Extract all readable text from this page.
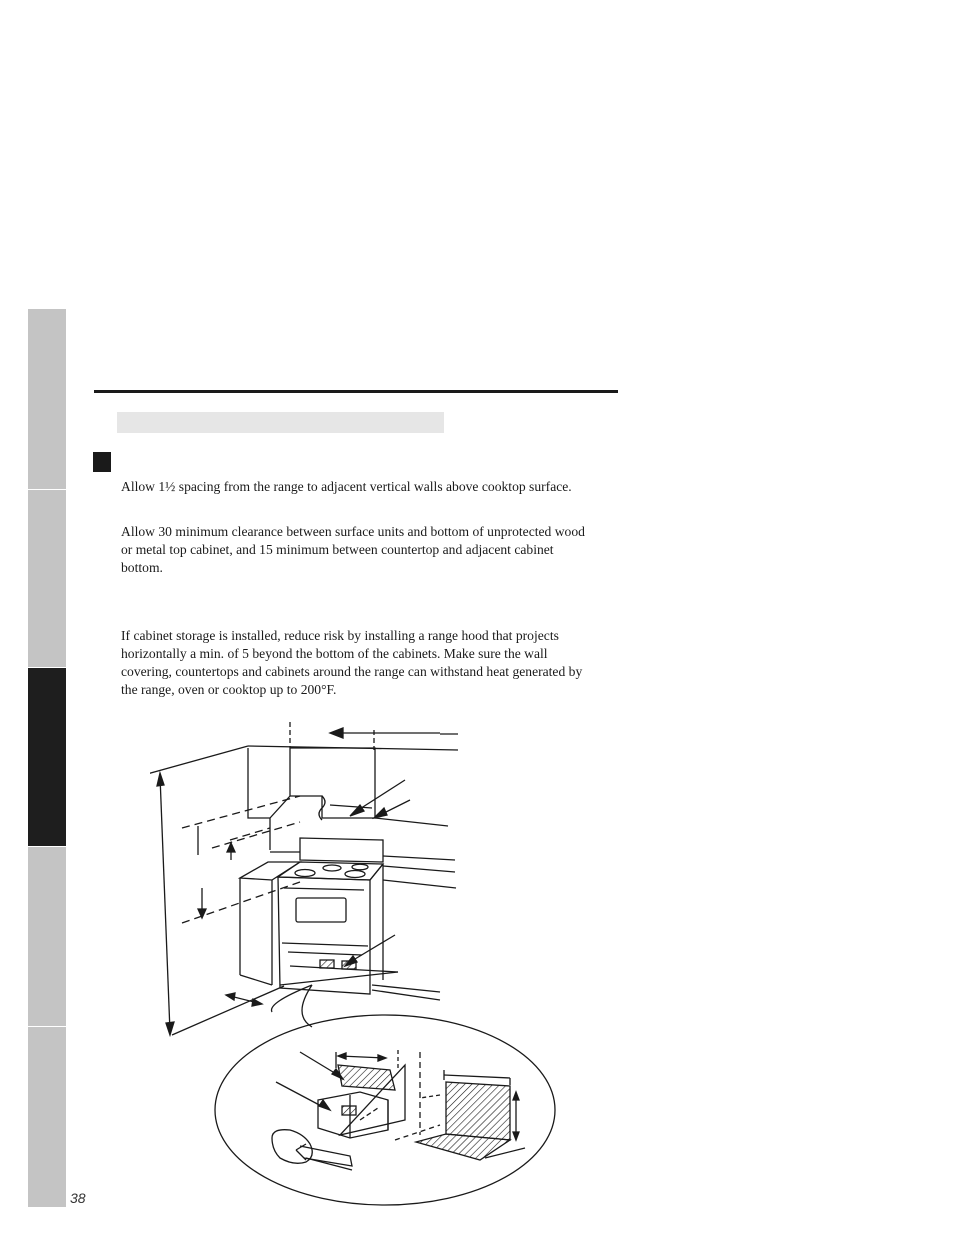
Allow 1½ spacing from the range to adjacent vertical walls above cooktop surface.

Allow 30 minimum clearance between surface units and bottom of unprotected wood or metal top cabinet, and 15 minimum between countertop and adjacent cabinet bottom.

If cabinet storage is installed, reduce risk by installing a range hood that projects horizontally a min. of 5 beyond the bottom of the cabinets. Make sure the wall covering, countertops and cabinets around the range can withstand heat generated by the range, oven or cooktop up to 200°F.

38
